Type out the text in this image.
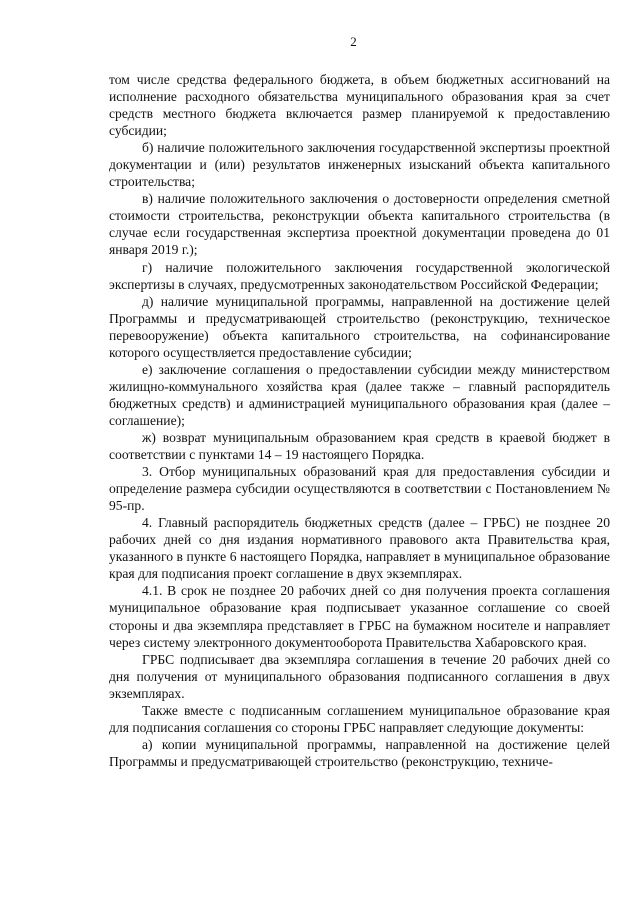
2

том числе средства федерального бюджета, в объем бюджетных ассигнований на исполнение расходного обязательства муниципального образования края за счет средств местного бюджета включается размер планируемой к предоставлению субсидии;

б) наличие положительного заключения государственной экспертизы проектной документации и (или) результатов инженерных изысканий объекта капитального строительства;

в) наличие положительного заключения о достоверности определения сметной стоимости строительства, реконструкции объекта капитального строительства (в случае если государственная экспертиза проектной документации проведена до 01 января 2019 г.);

г) наличие положительного заключения государственной экологической экспертизы в случаях, предусмотренных законодательством Российской Федерации;

д) наличие муниципальной программы, направленной на достижение целей Программы и предусматривающей строительство (реконструкцию, техническое перевооружение) объекта капитального строительства, на софинансирование которого осуществляется предоставление субсидии;

е) заключение соглашения о предоставлении субсидии между министерством жилищно-коммунального хозяйства края (далее также – главный распорядитель бюджетных средств) и администрацией муниципального образования края (далее – соглашение);

ж) возврат муниципальным образованием края средств в краевой бюджет в соответствии с пунктами 14 – 19 настоящего Порядка.

3. Отбор муниципальных образований края для предоставления субсидии и определение размера субсидии осуществляются в соответствии с Постановлением № 95-пр.

4. Главный распорядитель бюджетных средств (далее – ГРБС) не позднее 20 рабочих дней со дня издания нормативного правового акта Правительства края, указанного в пункте 6 настоящего Порядка, направляет в муниципальное образование края для подписания проект соглашение в двух экземплярах.

4.1. В срок не позднее 20 рабочих дней со дня получения проекта соглашения муниципальное образование края подписывает указанное соглашение со своей стороны и два экземпляра представляет в ГРБС на бумажном носителе и направляет через систему электронного документооборота Правительства Хабаровского края.

ГРБС подписывает два экземпляра соглашения в течение 20 рабочих дней со дня получения от муниципального образования подписанного соглашения в двух экземплярах.

Также вместе с подписанным соглашением муниципальное образование края для подписания соглашения со стороны ГРБС направляет следующие документы:

а) копии муниципальной программы, направленной на достижение целей Программы и предусматривающей строительство (реконструкцию, техниче-
